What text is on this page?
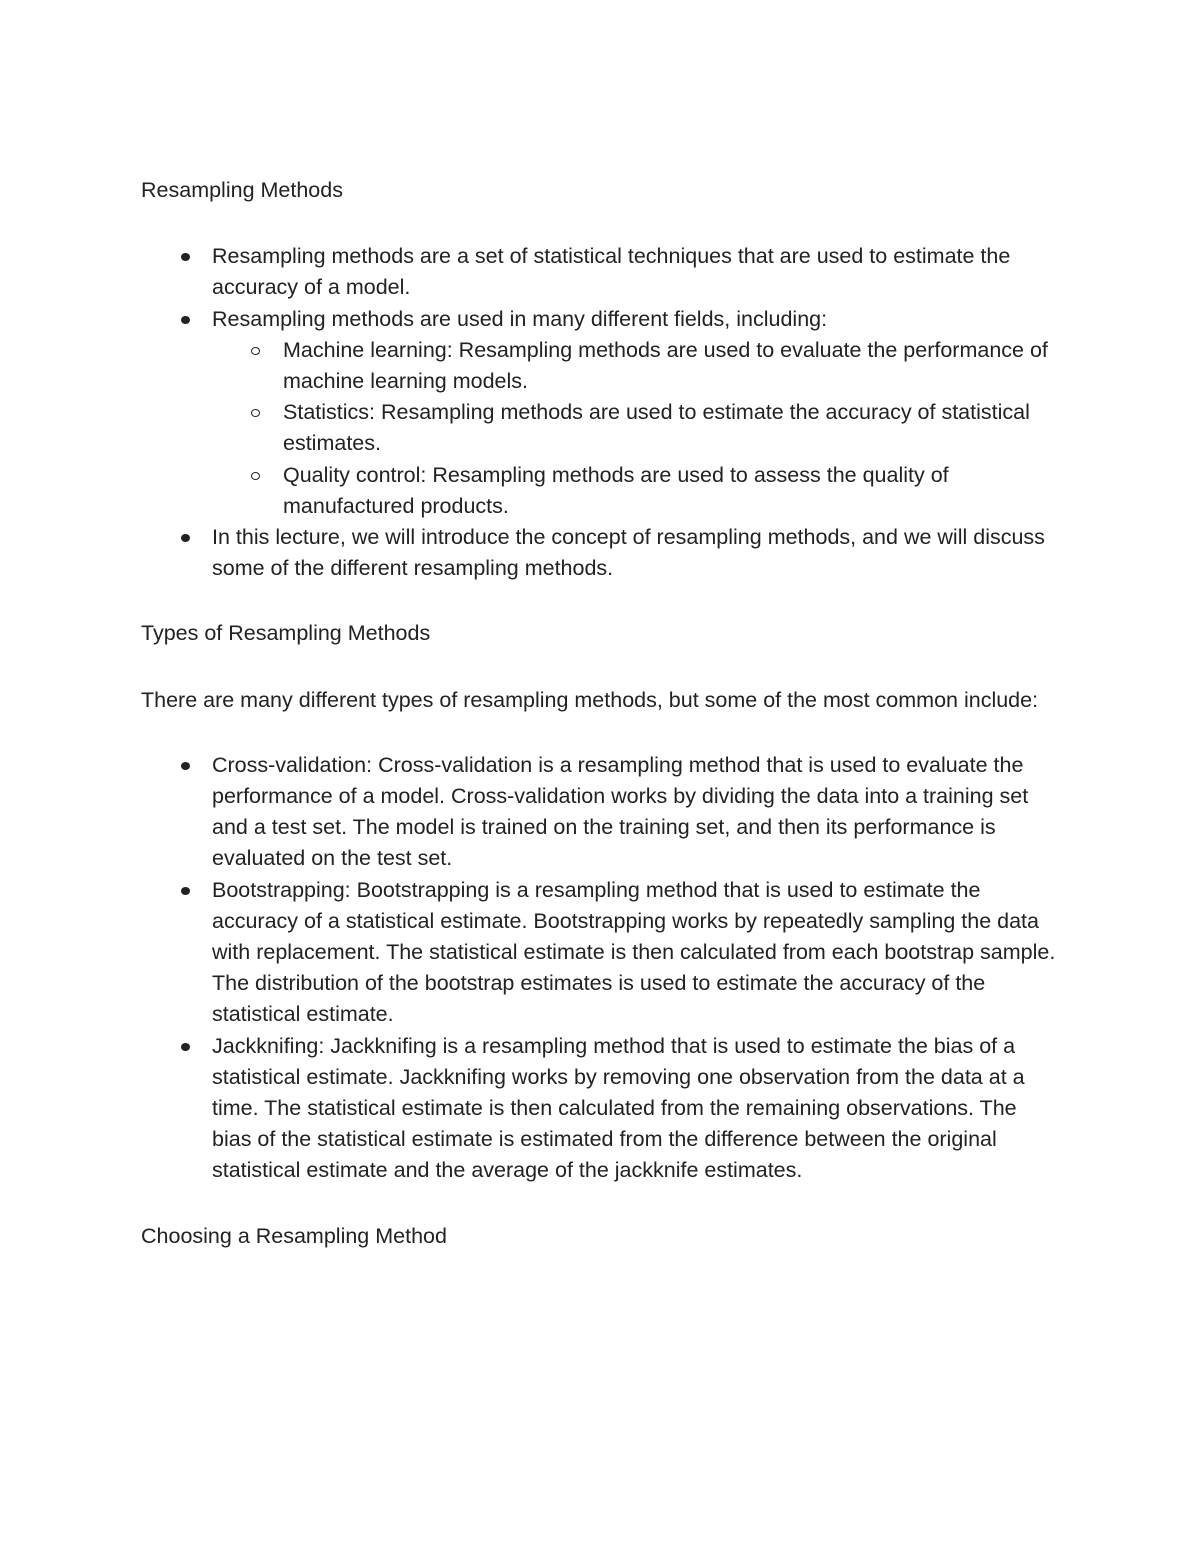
Resampling Methods
Resampling methods are a set of statistical techniques that are used to estimate the accuracy of a model.
Resampling methods are used in many different fields, including:
Machine learning: Resampling methods are used to evaluate the performance of machine learning models.
Statistics: Resampling methods are used to estimate the accuracy of statistical estimates.
Quality control: Resampling methods are used to assess the quality of manufactured products.
In this lecture, we will introduce the concept of resampling methods, and we will discuss some of the different resampling methods.
Types of Resampling Methods

There are many different types of resampling methods, but some of the most common include:

Cross-validation: Cross-validation is a resampling method that is used to evaluate the performance of a model. Cross-validation works by dividing the data into a training set and a test set. The model is trained on the training set, and then its performance is evaluated on the test set.
Bootstrapping: Bootstrapping is a resampling method that is used to estimate the accuracy of a statistical estimate. Bootstrapping works by repeatedly sampling the data with replacement. The statistical estimate is then calculated from each bootstrap sample. The distribution of the bootstrap estimates is used to estimate the accuracy of the statistical estimate.
Jackknifing: Jackknifing is a resampling method that is used to estimate the bias of a statistical estimate. Jackknifing works by removing one observation from the data at a time. The statistical estimate is then calculated from the remaining observations. The bias of the statistical estimate is estimated from the difference between the original statistical estimate and the average of the jackknife estimates.
Choosing a Resampling Method
